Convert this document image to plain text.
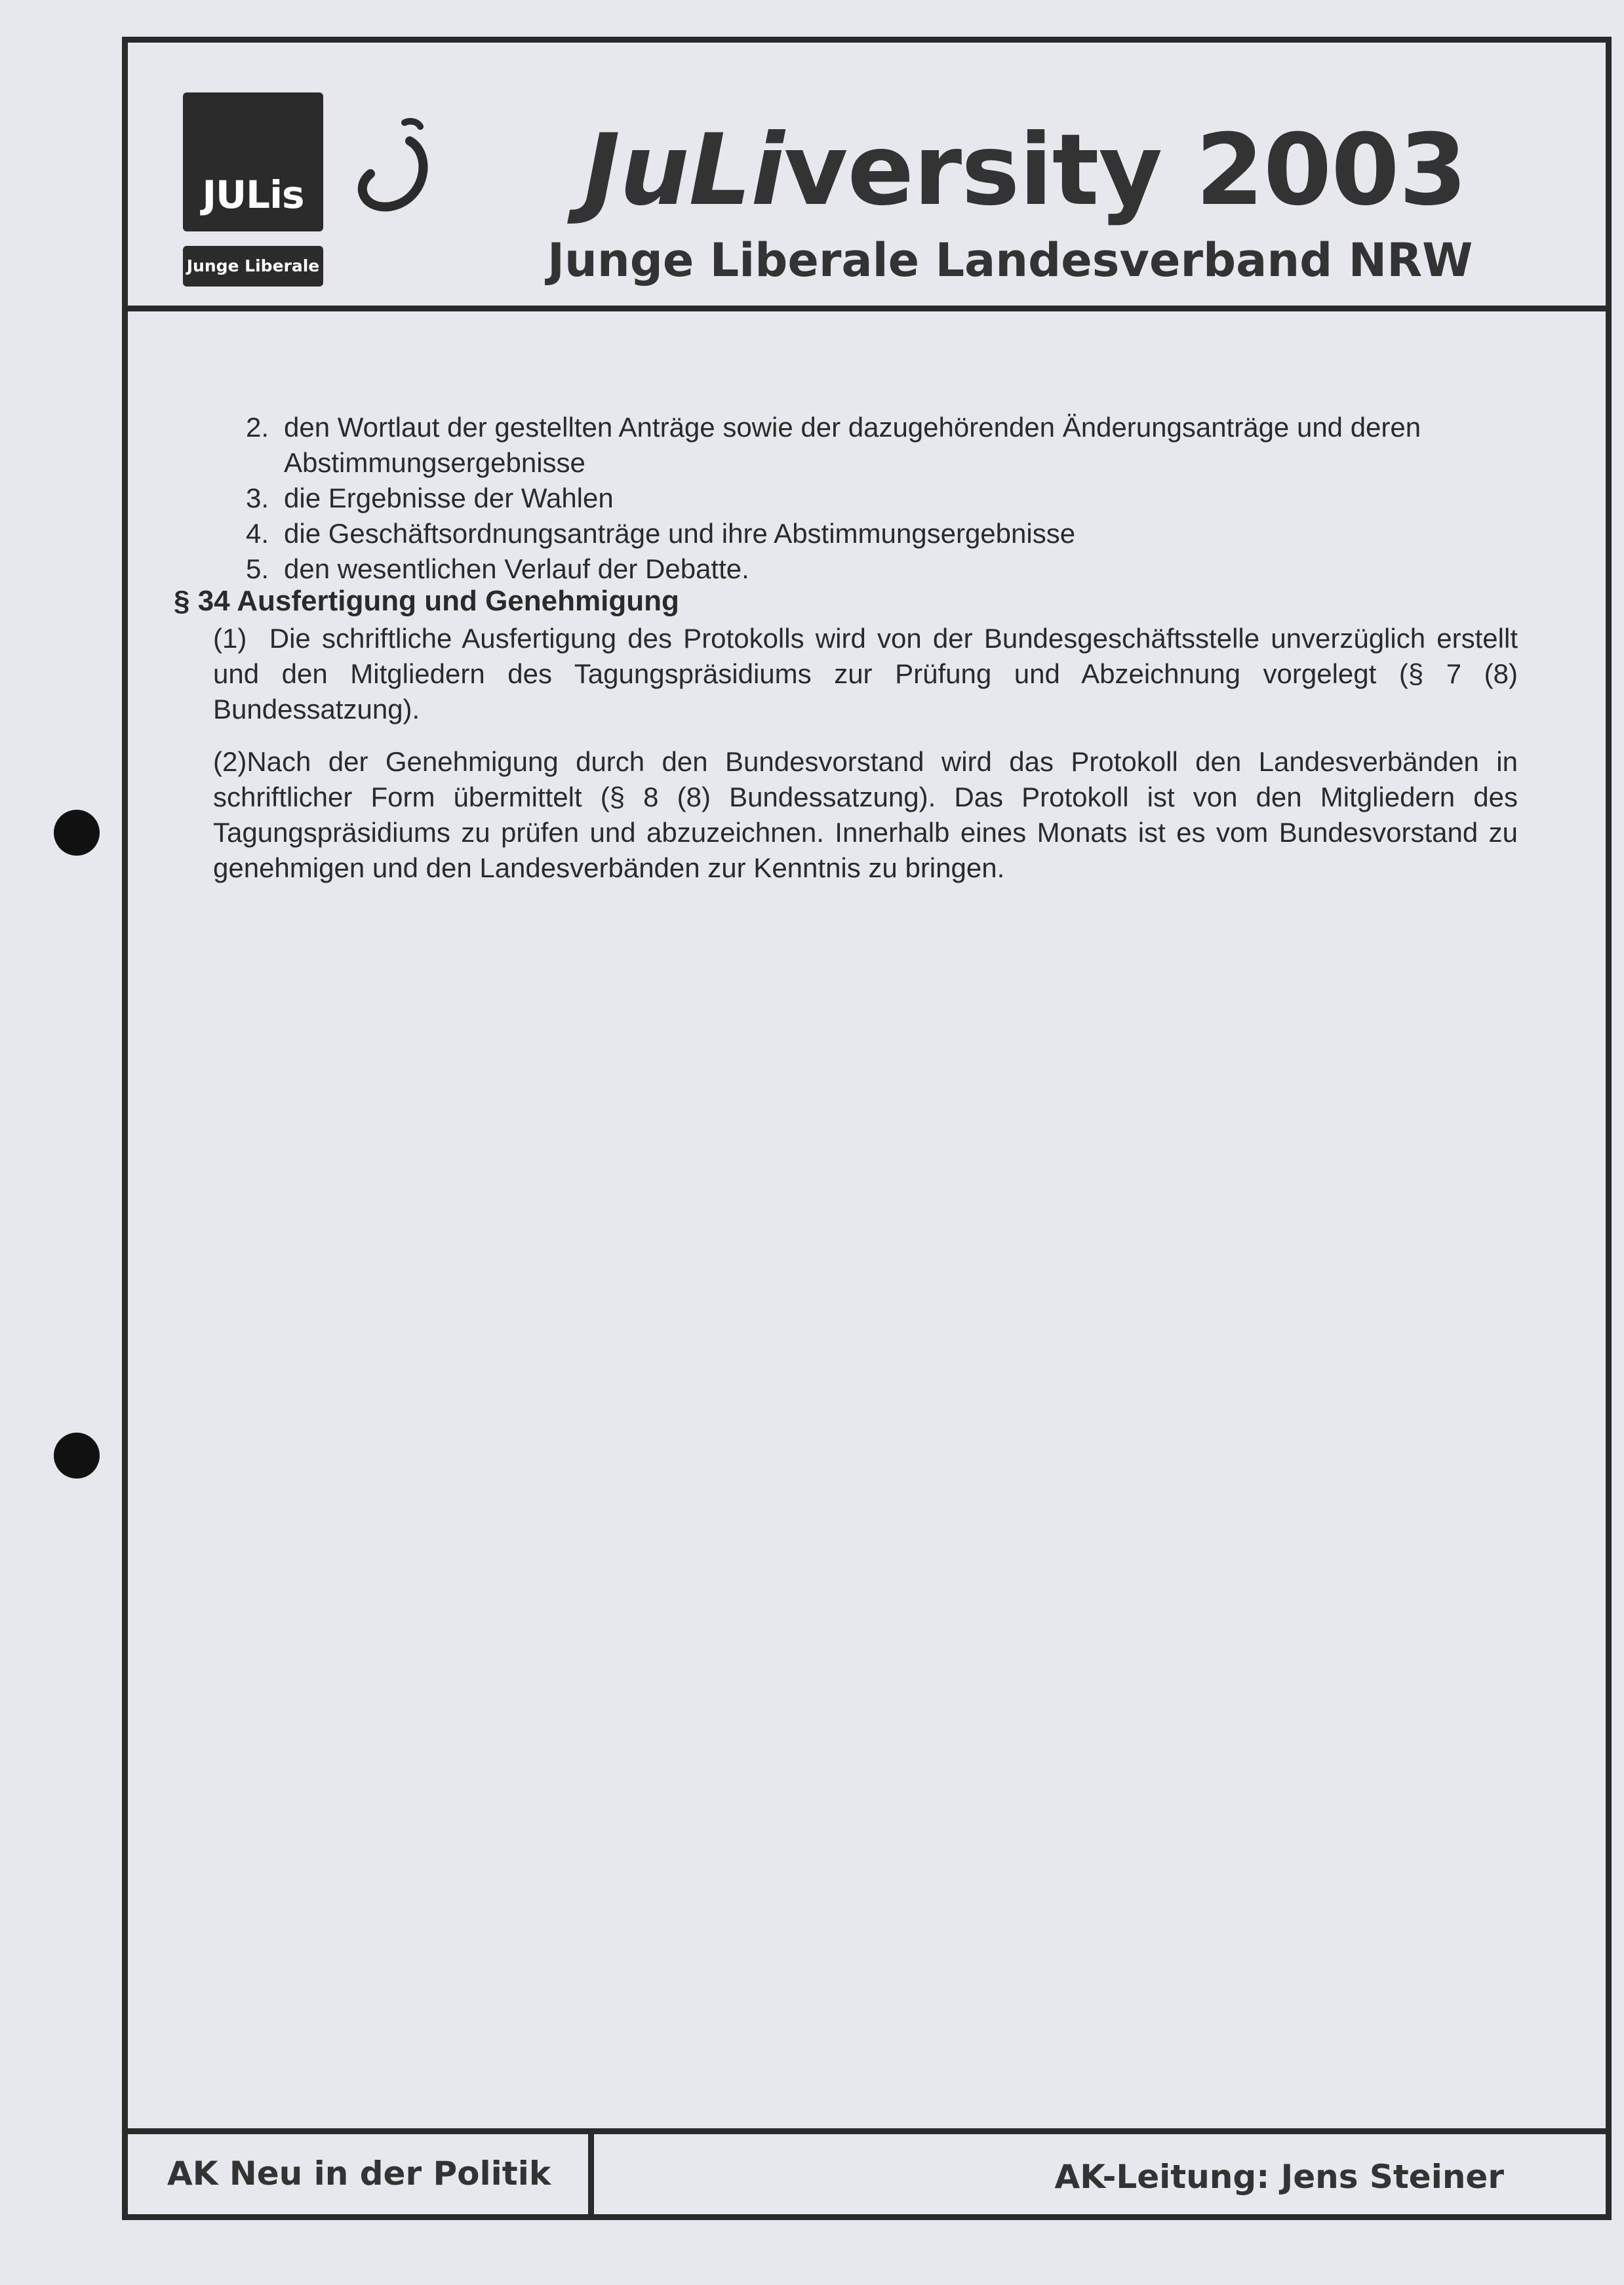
JULis
Junge Liberale
JuLiversity 2003
Junge Liberale Landesverband NRW
2. den Wortlaut der gestellten Anträge sowie der dazugehörenden Änderungsanträge und deren Abstimmungsergebnisse
3. die Ergebnisse der Wahlen
4. die Geschäftsordnungsanträge und ihre Abstimmungsergebnisse
5. den wesentlichen Verlauf der Debatte.
§ 34 Ausfertigung und Genehmigung
(1) Die schriftliche Ausfertigung des Protokolls wird von der Bundesgeschäftsstelle unverzüglich erstellt und den Mitgliedern des Tagungspräsidiums zur Prüfung und Abzeichnung vorgelegt (§ 7 (8) Bundessatzung).
(2)Nach der Genehmigung durch den Bundesvorstand wird das Protokoll den Landesverbänden in schriftlicher Form übermittelt (§ 8 (8) Bundessatzung). Das Protokoll ist von den Mitgliedern des Tagungspräsidiums zu prüfen und abzuzeichnen. Innerhalb eines Monats ist es vom Bundesvorstand zu genehmigen und den Landesverbänden zur Kenntnis zu bringen.
AK Neu in der Politik	AK-Leitung: Jens Steiner
